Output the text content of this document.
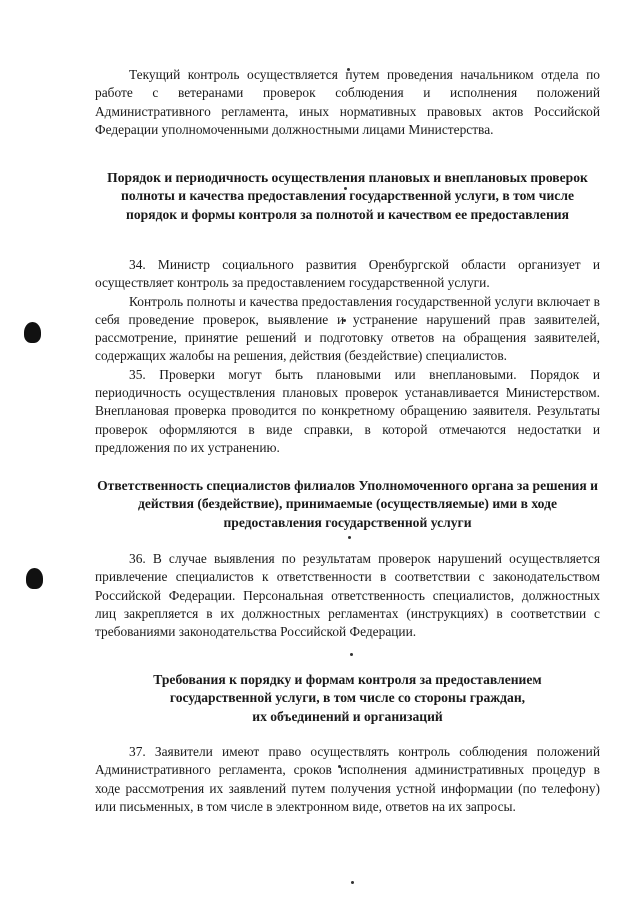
Текущий контроль осуществляется путем проведения начальником отдела по работе с ветеранами проверок соблюдения и исполнения положений Административного регламента, иных нормативных правовых актов Российской Федерации уполномоченными должностными лицами Министерства.

Порядок и периодичность осуществления плановых и внеплановых проверок полноты и качества предоставления государственной услуги, в том числе порядок и формы контроля за полнотой и качеством ее предоставления

34. Министр социального развития Оренбургской области организует и осуществляет контроль за предоставлением государственной услуги.

Контроль полноты и качества предоставления государственной услуги включает в себя проведение проверок, выявление и устранение нарушений прав заявителей, рассмотрение, принятие решений и подготовку ответов на обращения заявителей, содержащих жалобы на решения, действия (бездействие) специалистов.

35. Проверки могут быть плановыми или внеплановыми. Порядок и периодичность осуществления плановых проверок устанавливается Министерством. Внеплановая проверка проводится по конкретному обращению заявителя. Результаты проверок оформляются в виде справки, в которой отмечаются недостатки и предложения по их устранению.

Ответственность специалистов филиалов Уполномоченного органа за решения и действия (бездействие), принимаемые (осуществляемые) ими в ходе предоставления государственной услуги

36. В случае выявления по результатам проверок нарушений осуществляется привлечение специалистов к ответственности в соответствии с законодательством Российской Федерации. Персональная ответственность специалистов, должностных лиц закрепляется в их должностных регламентах (инструкциях) в соответствии с требованиями законодательства Российской Федерации.

Требования к порядку и формам контроля за предоставлением
государственной услуги, в том числе со стороны граждан,
их объединений и организаций

37. Заявители имеют право осуществлять контроль соблюдения положений Административного регламента, сроков исполнения административных процедур в ходе рассмотрения их заявлений путем получения устной информации (по телефону) или письменных, в том числе в электронном виде, ответов на их запросы.
